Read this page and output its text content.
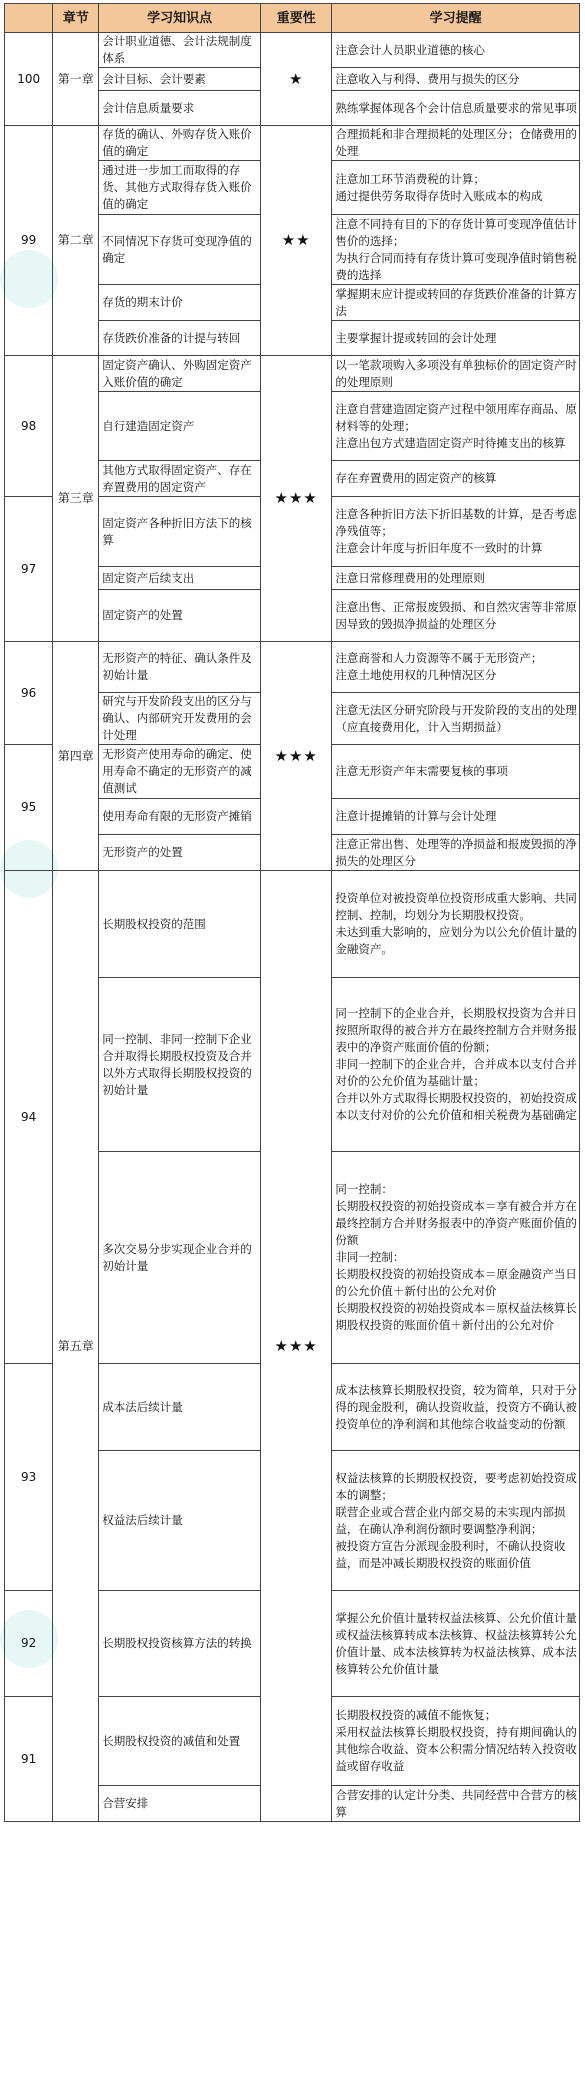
	章节	学习知识点	重要性	学习提醒
100	第一章	会计职业道德、会计法规制度体系	★	注意会计人员职业道德的核心

		会计目标、会计要素		注意收入与利得、费用与损失的区分

		会计信息质量要求		熟练掌握体现各个会计信息质量要求的常见事项

99	第二章	存货的确认、外购存货入账价值的确定	★★	合理损耗和非合理损耗的处理区分；仓储费用的处理

		通过进一步加工而取得的存货、其他方式取得存货入账价值的确定		注意加工环节消费税的计算；
通过提供劳务取得存货时入账成本的构成

		不同情况下存货可变现净值的确定		注意不同持有目的下的存货计算可变现净值估计售价的选择；
为执行合同而持有存货计算可变现净值时销售税费的选择

		存货的期末计价		掌握期末应计提或转回的存货跌价准备的计算方法

		存货跌价准备的计提与转回		主要掌握计提或转回的会计处理

98	第三章	固定资产确认、外购固定资产入账价值的确定	★★★	以一笔款项购入多项没有单独标价的固定资产时的处理原则

		自行建造固定资产		注意自营建造固定资产过程中领用库存商品、原材料等的处理；
注意出包方式建造固定资产时待摊支出的核算

		其他方式取得固定资产、存在弃置费用的固定资产		存在弃置费用的固定资产的核算

97		固定资产各种折旧方法下的核算		注意各种折旧方法下折旧基数的计算，是否考虑净残值等；
注意会计年度与折旧年度不一致时的计算

		固定资产后续支出		注意日常修理费用的处理原则

		固定资产的处置		注意出售、正常报废毁损、和自然灾害等非常原因导致的毁损净损益的处理区分

96	第四章	无形资产的特征、确认条件及初始计量	★★★	注意商誉和人力资源等不属于无形资产；
注意土地使用权的几种情况区分

		研究与开发阶段支出的区分与确认、内部研究开发费用的会计处理		注意无法区分研究阶段与开发阶段的支出的处理（应直接费用化，计入当期损益）

95		无形资产使用寿命的确定、使用寿命不确定的无形资产的减值测试		注意无形资产年末需要复核的事项

		使用寿命有限的无形资产摊销		注意计提摊销的计算与会计处理

		无形资产的处置		注意正常出售、处理等的净损益和报废毁损的净损失的处理区分

94	第五章	长期股权投资的范围	★★★	投资单位对被投资单位投资形成重大影响、共同控制、控制，均划分为长期股权投资。
未达到重大影响的，应划分为以公允价值计量的金融资产。

		同一控制、非同一控制下企业合并取得长期股权投资及合并以外方式取得长期股权投资的初始计量		同一控制下的企业合并，长期股权投资为合并日按照所取得的被合并方在最终控制方合并财务报表中的净资产账面价值的份额；
非同一控制下的企业合并，合并成本以支付合并对价的公允价值为基础计量；
合并以外方式取得长期股权投资的，初始投资成本以支付对价的公允价值和相关税费为基础确定

		多次交易分步实现企业合并的初始计量		同一控制：
长期股权投资的初始投资成本＝享有被合并方在最终控制方合并财务报表中的净资产账面价值的份额
非同一控制：
长期股权投资的初始投资成本＝原金融资产当日的公允价值＋新付出的公允对价
长期股权投资的初始投资成本＝原权益法核算长期股权投资的账面价值＋新付出的公允对价

93		成本法后续计量		成本法核算长期股权投资，较为简单，只对于分得的现金股利，确认投资收益，投资方不确认被投资单位的净利润和其他综合收益变动的份额

		权益法后续计量		权益法核算的长期股权投资，要考虑初始投资成本的调整；
联营企业或合营企业内部交易的未实现内部损益，在确认净利润份额时要调整净利润；
被投资方宣告分派现金股利时，不确认投资收益，而是冲减长期股权投资的账面价值

92		长期股权投资核算方法的转换		掌握公允价值计量转权益法核算、公允价值计量或权益法核算转成本法核算、权益法核算转公允价值计量、成本法核算转为权益法核算、成本法核算转公允价值计量

91		长期股权投资的减值和处置		长期股权投资的减值不能恢复；
采用权益法核算长期股权投资，持有期间确认的其他综合收益、资本公积需分情况结转入投资收益或留存收益

		合营安排		合营安排的认定计分类、共同经营中合营方的核算
